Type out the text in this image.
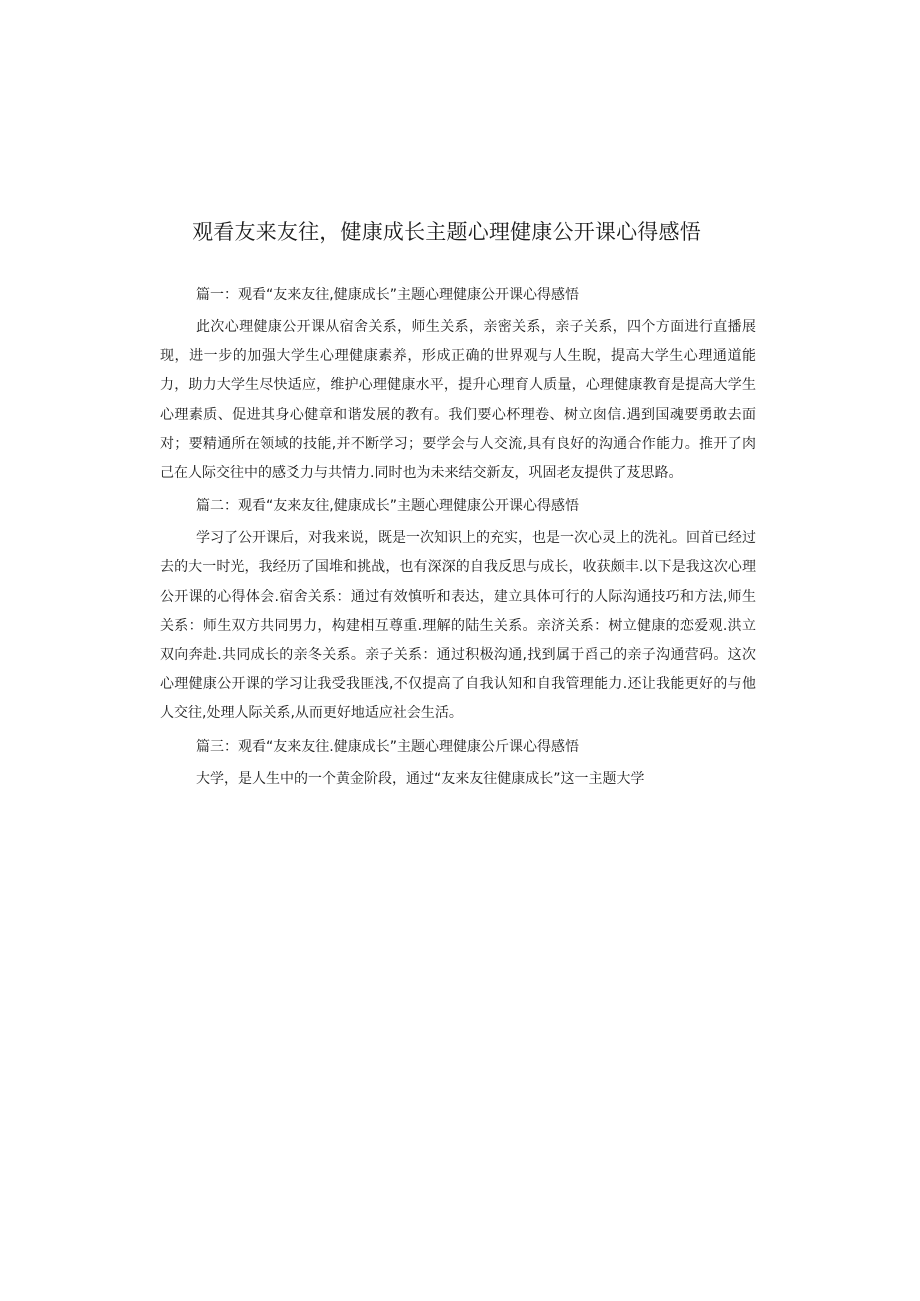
观看友来友往，健康成长主题心理健康公开课心得感悟
篇一：观看“友来友往,健康成长”主题心理健康公开课心得感悟

此次心理健康公开课从宿舍关系，师生关系，亲密关系，亲子关系，四个方面进行直播展现，进一步的加强大学生心理健康素养，形成正确的世界观与人生睨，提高大学生心理通道能力，助力大学生尽快适应，维护心理健康水平，提升心理育人质量，心理健康教育是提高大学生心理素质、促进其身心健章和谐发展的教有。我们要心杯理卷、树立囱信.遇到国魂要勇敢去面对；要精通所在领域的技能,并不断学习；要学会与人交流,具有良好的沟通合作能力。推开了肉己在人际交往中的感爻力与共情力.同时也为未来结交新友，巩固老友提供了芨思路。

篇二：观看“友来友往,健康成长”主题心理健康公开课心得感悟

学习了公开课后，对我来说，既是一次知识上的充实，也是一次心灵上的洗礼。回首已经过去的大一时光，我经历了国堆和挑战，也有深深的自我反思与成长，收获颇丰.以下是我这次心理公开课的心得体会.宿舍关系：通过有效慎听和表达，建立具体可行的人际沟通技巧和方法,师生关系：师生双方共同男力，构建相互尊重.理解的陆生关系。亲济关系：树立健康的恋爱观.洪立双向奔赴.共同成长的亲冬关系。亲子关系：通过积极沟通,找到属于舀己的亲子沟通营码。这次心理健康公开课的学习让我受我匪浅,不仅提高了自我认知和自我管理能力.还让我能更好的与他人交往,处理人际关系,从而更好地适应社会生活。

篇三：观看“友来友往.健康成长”主题心理健康公斤课心得感悟

大学，是人生中的一个黄金阶段，通过“友来友往健康成长”这一主题大学
